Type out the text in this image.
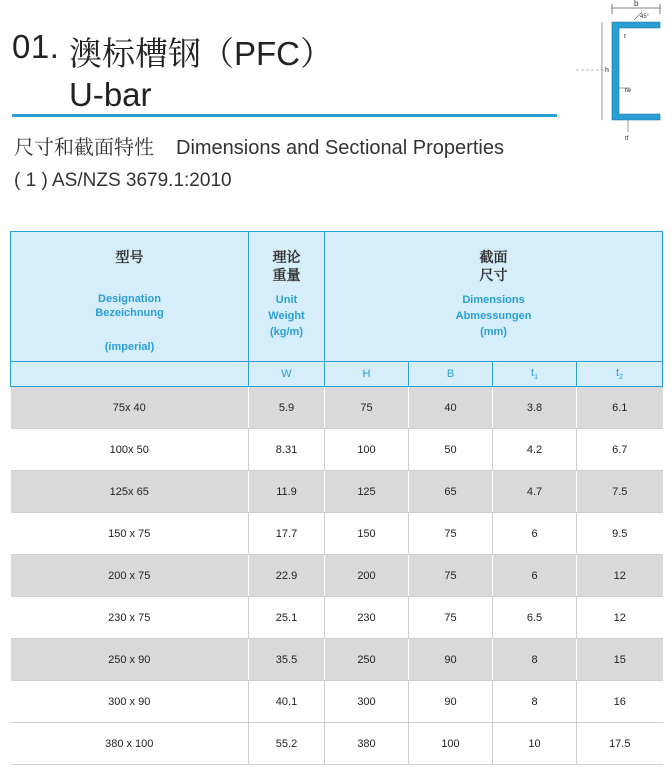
01. 澳标槽钢（PFC）
U-bar
尺寸和截面特性 Dimensions and Sectional Properties
( 1 ) AS/NZS 3679.1:2010
b
45°
r
h
tw
tf
型号
Designation
Bezeichnung
(imperial)	理论
重量
Unit
Weight
(kg/m)	截面
尺寸
Dimensions
Abmessungen
(mm)			

	W	H	B	$t_1$	$t_2$
75x 40	5.9	75	40	3.8	6.1
100x 50	8.31	100	50	4.2	6.7
125x 65	11.9	125	65	4.7	7.5
150 x 75	17.7	150	75	6	9.5
200 x 75	22.9	200	75	6	12
230 x 75	25.1	230	75	6.5	12
250 x 90	35.5	250	90	8	15
300 x 90	40.1	300	90	8	16
380 x 100	55.2	380	100	10	17.5
